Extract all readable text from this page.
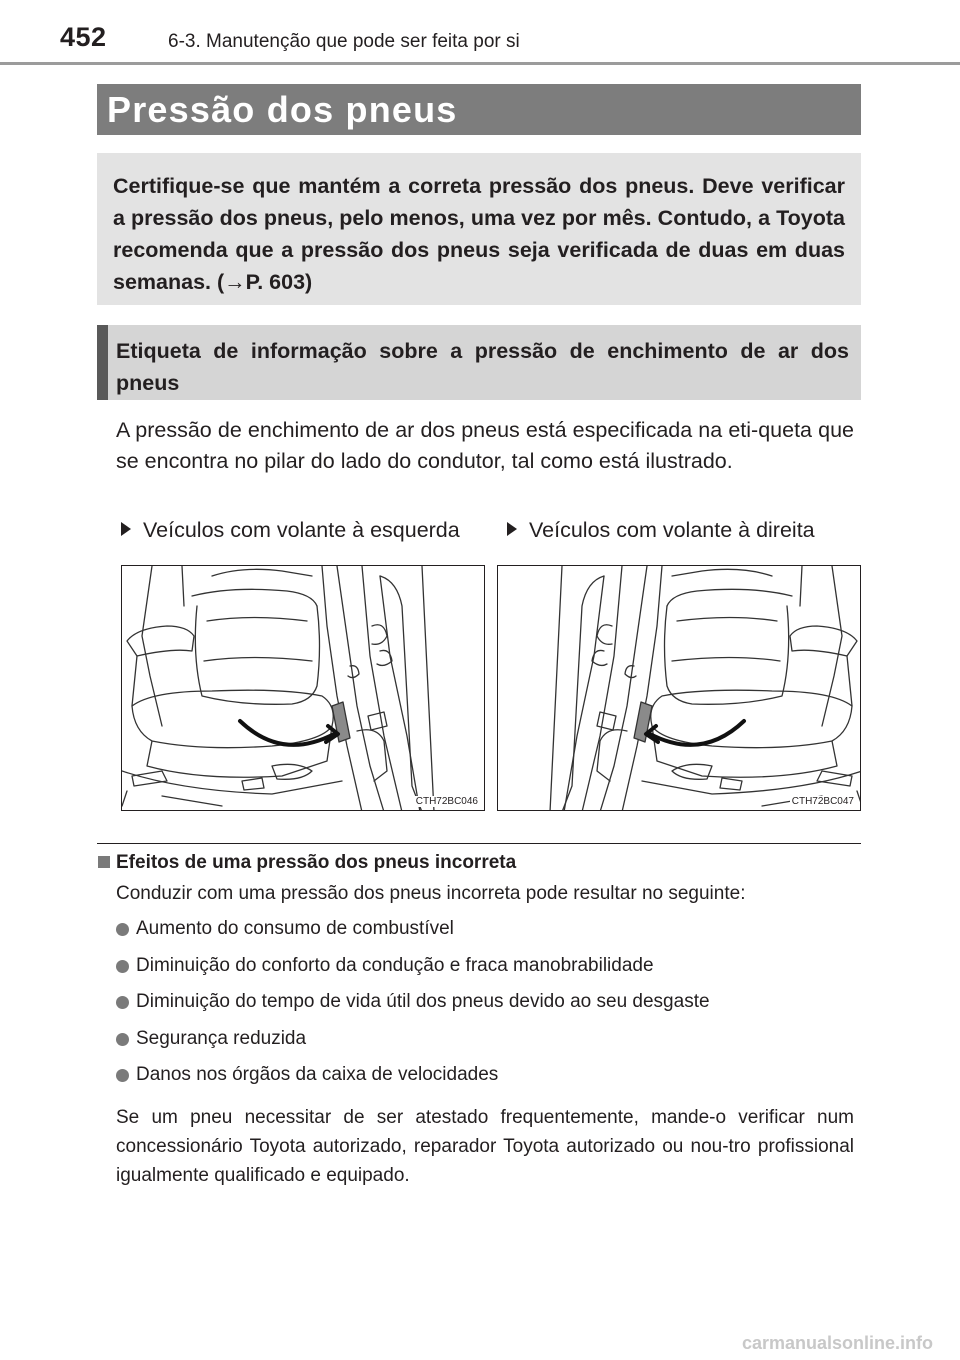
452	6-3. Manutenção que pode ser feita por si
Pressão dos pneus

Certifique-se que mantém a correta pressão dos pneus. Deve verificar a pressão dos pneus, pelo menos, uma vez por mês. Contudo, a Toyota recomenda que a pressão dos pneus seja verificada de duas em duas semanas. (→P. 603)

Etiqueta de informação sobre a pressão de enchimento de ar dos pneus

A pressão de enchimento de ar dos pneus está especificada na eti-queta que se encontra no pilar do lado do condutor, tal como está ilustrado.

Veículos com volante à esquerda	Veículos com volante à direita
CTH72BC046	CTH72BC047
Efeitos de uma pressão dos pneus incorreta

Conduzir com uma pressão dos pneus incorreta pode resultar no seguinte:

Aumento do consumo de combustível
Diminuição do conforto da condução e fraca manobrabilidade
Diminuição do tempo de vida útil dos pneus devido ao seu desgaste
Segurança reduzida
Danos nos órgãos da caixa de velocidades

Se um pneu necessitar de ser atestado frequentemente, mande-o verificar num concessionário Toyota autorizado, reparador Toyota autorizado ou nou-tro profissional igualmente qualificado e equipado.

carmanualsonline.info
